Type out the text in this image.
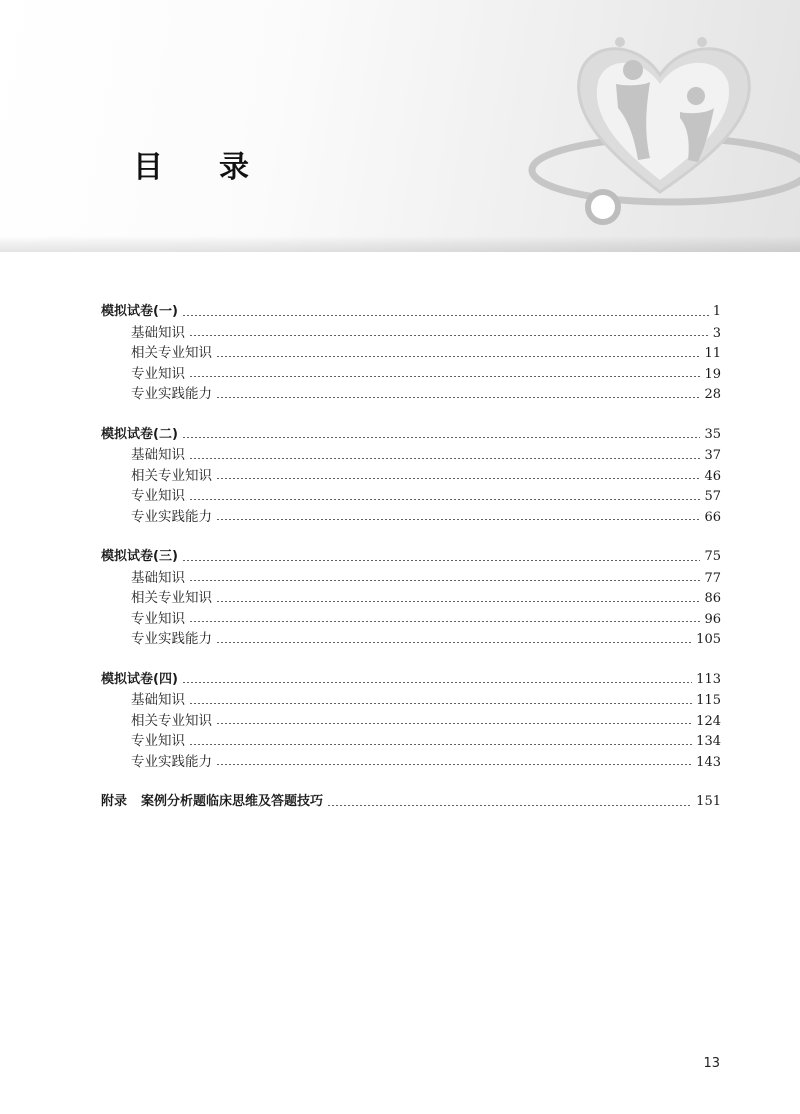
目录
模拟试卷(一)	1
基础知识	3
相关专业知识	11
专业知识	19
专业实践能力	28
模拟试卷(二)	35
基础知识	37
相关专业知识	46
专业知识	57
专业实践能力	66
模拟试卷(三)	75
基础知识	77
相关专业知识	86
专业知识	96
专业实践能力	105
模拟试卷(四)	113
基础知识	115
相关专业知识	124
专业知识	134
专业实践能力	143
附录 案例分析题临床思维及答题技巧	151
13
